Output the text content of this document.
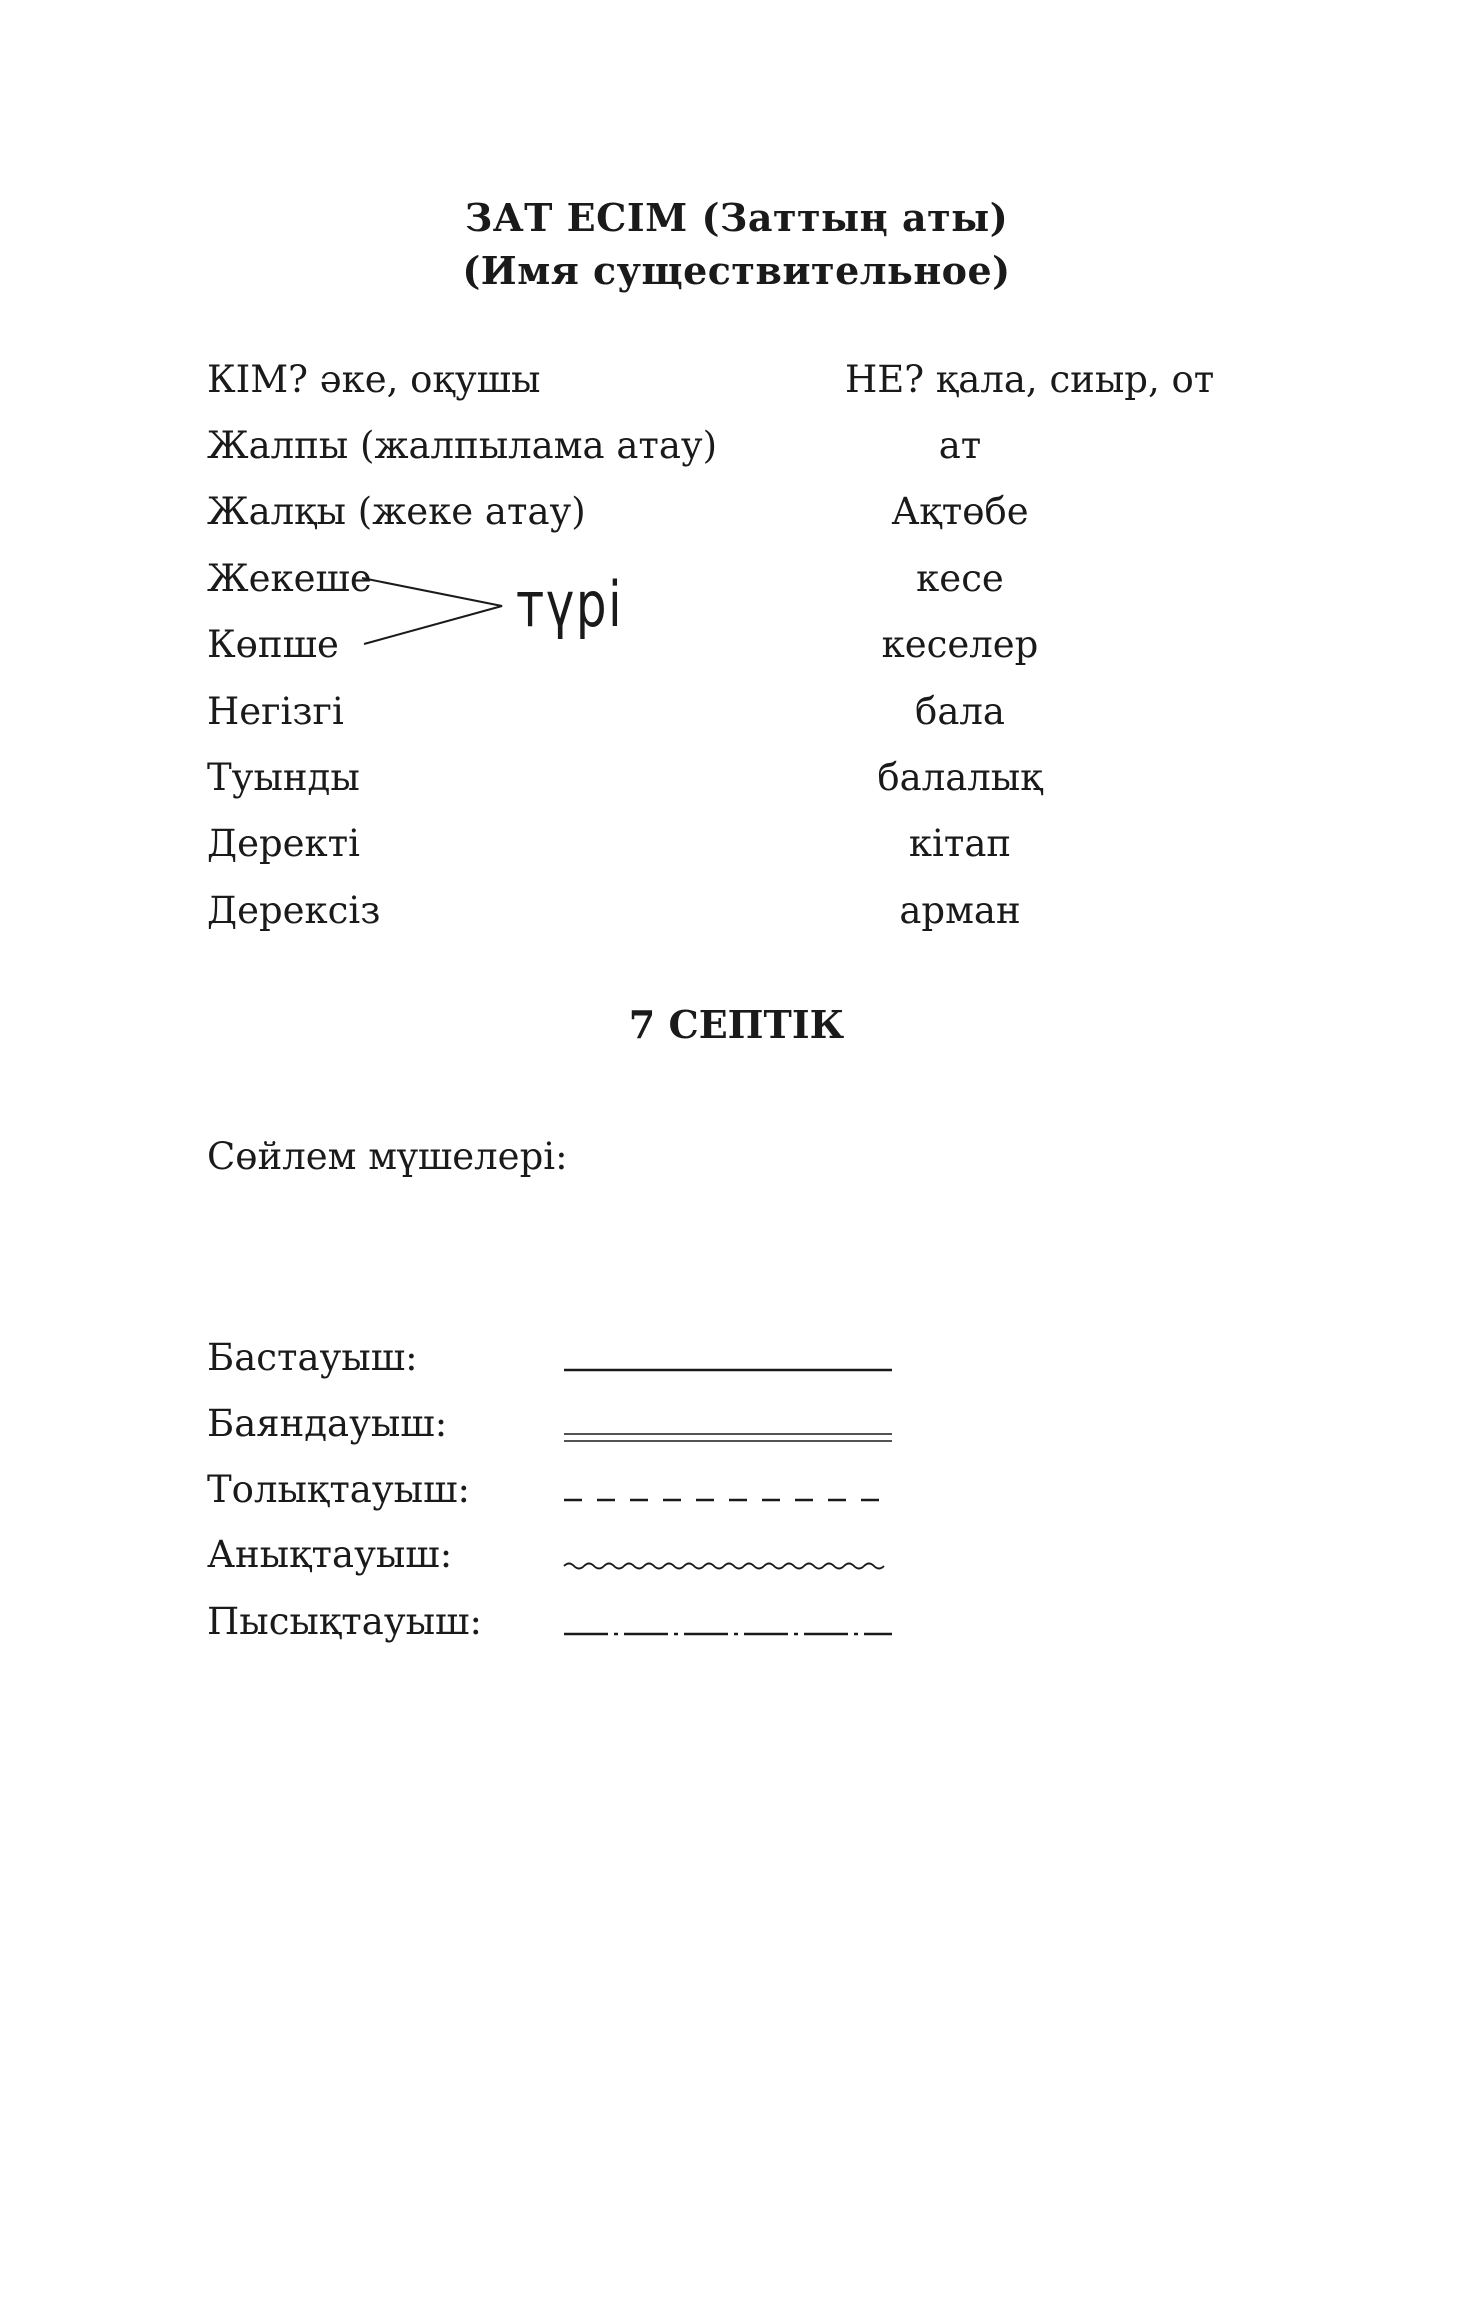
ЗАТ ЕСІМ (Заттың аты)
(Имя существительное)
КІМ? әке, оқушы
Жалпы (жалпылама атау)
Жалқы (жеке атау)
Жекеше
Көпше
Негізгі
Туынды
Деректі
Дерексіз
НЕ? қала, сиыр, от
ат
Ақтөбе
кесе
кеселер
бала
балалық
кітап
арман
түрі
7 СЕПТІК
Сөйлем мүшелері:
Бастауыш:
Баяндауыш:
Толықтауыш:
Анықтауыш:
Пысықтауыш:
